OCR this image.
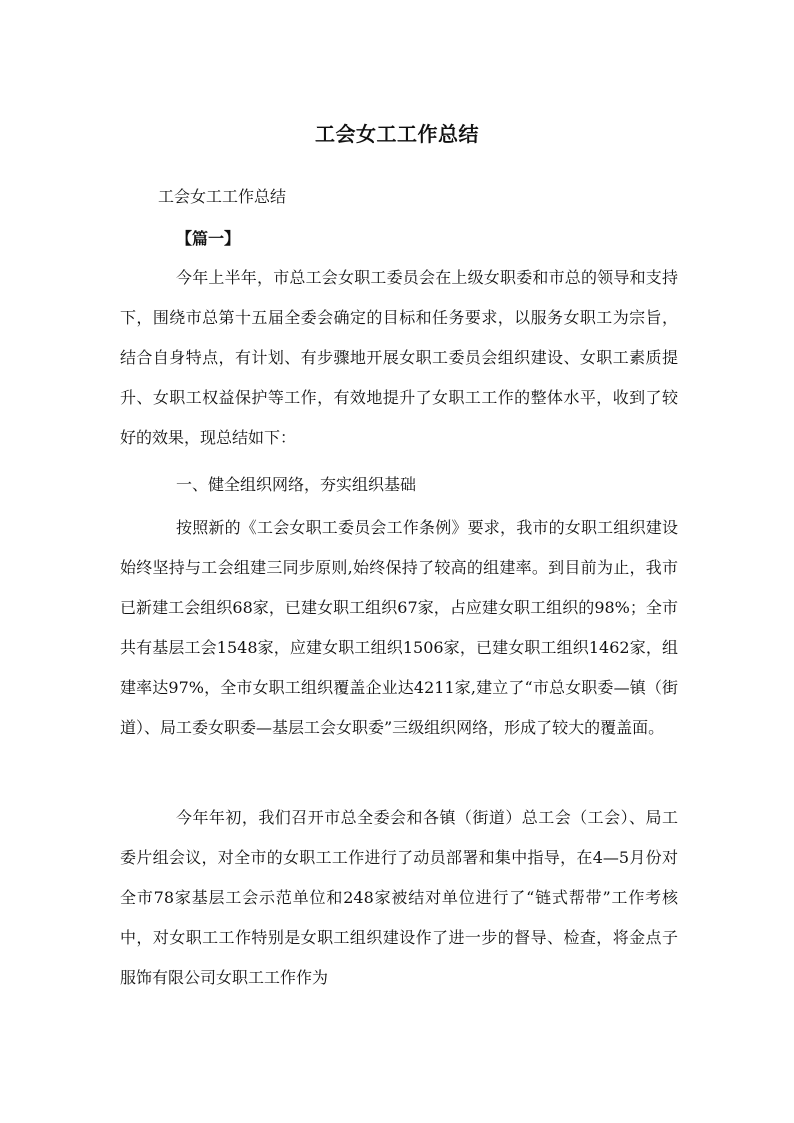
工会女工工作总结

工会女工工作总结

【篇一】

今年上半年，市总工会女职工委员会在上级女职委和市总的领导和支持下，围绕市总第十五届全委会确定的目标和任务要求，以服务女职工为宗旨，结合自身特点，有计划、有步骤地开展女职工委员会组织建设、女职工素质提升、女职工权益保护等工作，有效地提升了女职工工作的整体水平，收到了较好的效果，现总结如下：

一、健全组织网络，夯实组织基础

按照新的《工会女职工委员会工作条例》要求，我市的女职工组织建设始终坚持与工会组建三同步原则,始终保持了较高的组建率。到目前为止，我市已新建工会组织68家，已建女职工组织67家，占应建女职工组织的98%；全市共有基层工会1548家，应建女职工组织1506家，已建女职工组织1462家，组建率达97%，全市女职工组织覆盖企业达4211家,建立了“市总女职委—镇（街道）、局工委女职委—基层工会女职委”三级组织网络，形成了较大的覆盖面。

今年年初，我们召开市总全委会和各镇（街道）总工会（工会）、局工委片组会议，对全市的女职工工作进行了动员部署和集中指导，在4—5月份对全市78家基层工会示范单位和248家被结对单位进行了“链式帮带”工作考核中，对女职工工作特别是女职工组织建设作了进一步的督导、检查，将金点子服饰有限公司女职工工作作为
